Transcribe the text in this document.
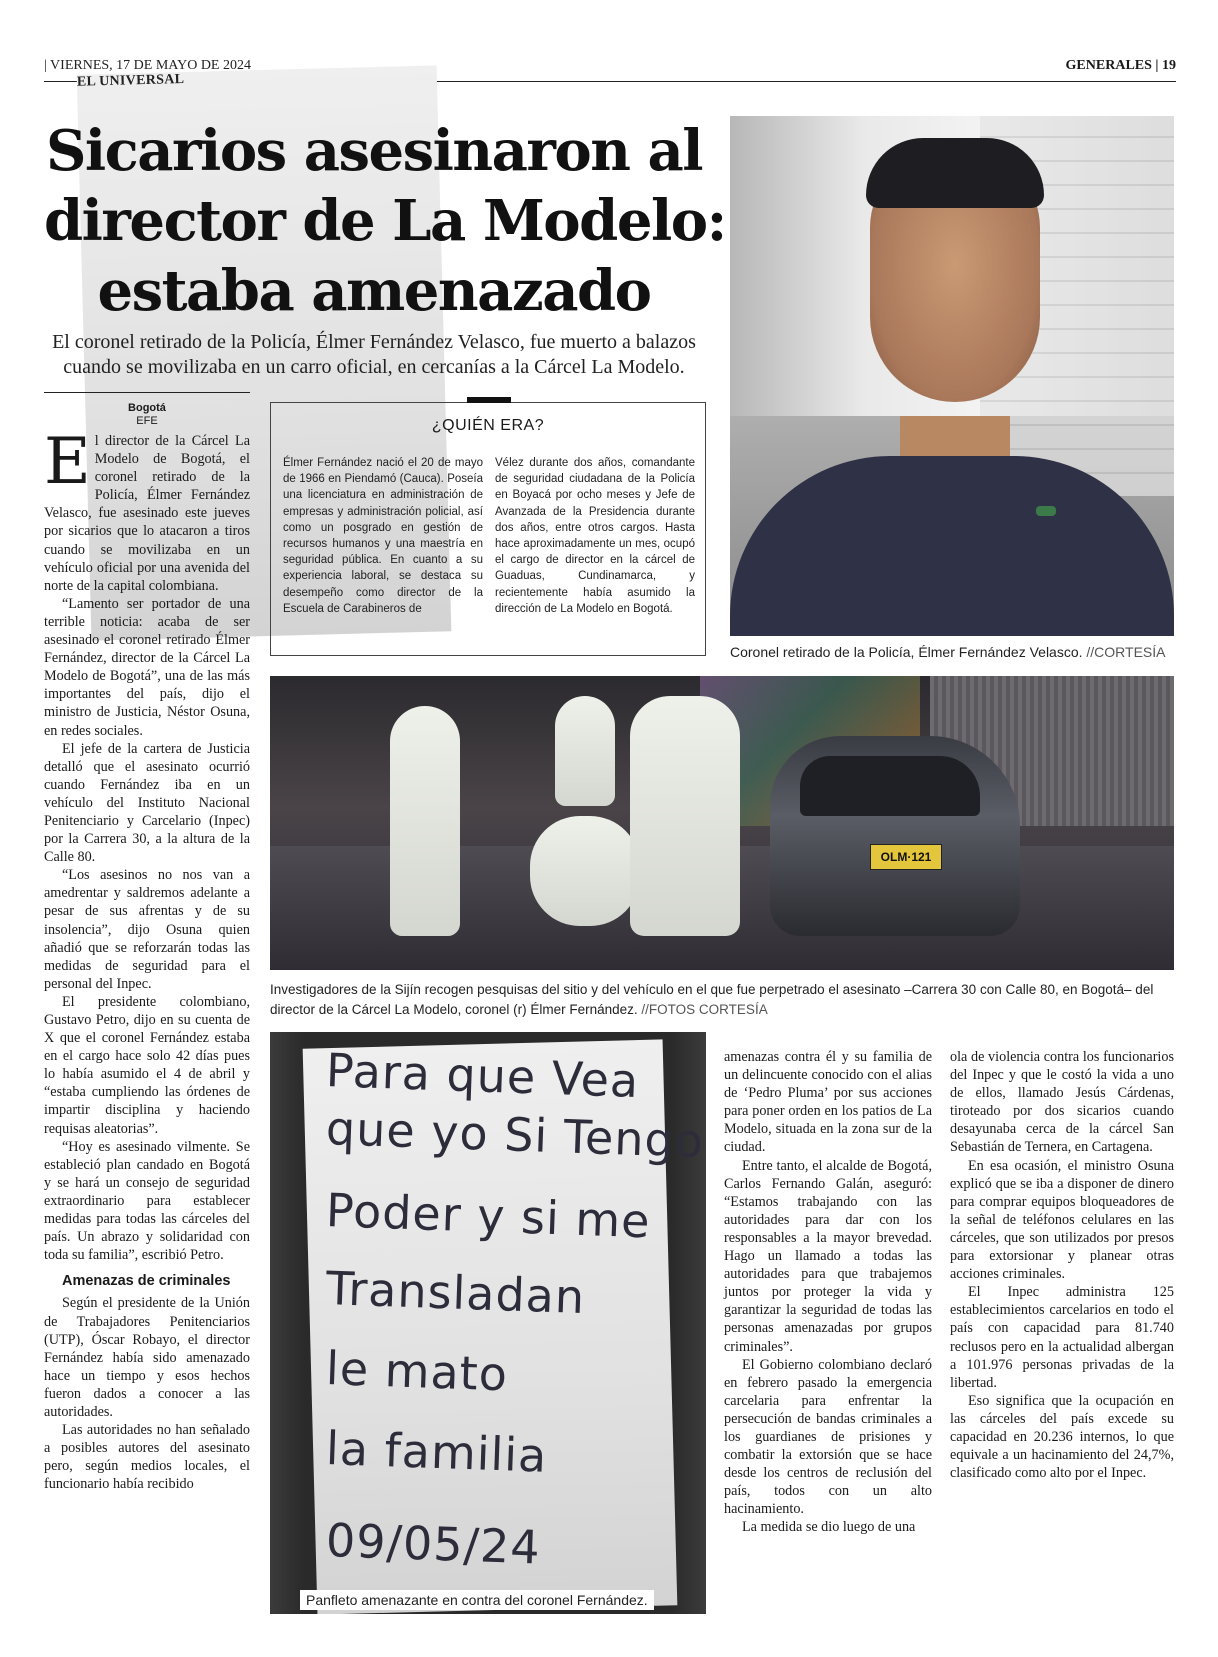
EL UNIVERSAL
| VIERNES, 17 DE MAYO DE 2024	GENERALES | 19
Sicarios asesinaron al
director de La Modelo:
estaba amenazado

El coronel retirado de la Policía, Élmer Fernández Velasco, fue muerto a balazos cuando se movilizaba en un carro oficial, en cercanías a la Cárcel La Modelo.

Coronel retirado de la Policía, Élmer Fernández Velasco. //CORTESÍA
¿QUIÉN ERA?
Élmer Fernández nació el 20 de mayo de 1966 en Piendamó (Cauca). Poseía una licenciatura en administración de empresas y administración policial, así como un posgrado en gestión de recursos humanos y una maestría en seguridad pública. En cuanto a su experiencia laboral, se destaca su desempeño como director de la Escuela de Carabineros de
Vélez durante dos años, comandante de seguridad ciudadana de la Policía en Boyacá por ocho meses y Jefe de Avanzada de la Presidencia durante dos años, entre otros cargos. Hasta hace aproximadamente un mes, ocupó el cargo de director en la cárcel de Guaduas, Cundinamarca, y recientemente había asumido la dirección de La Modelo en Bogotá.
Bogotá
EFE

El director de la Cárcel La Modelo de Bogotá, el coronel retirado de la Policía, Élmer Fernández Velasco, fue asesinado este jueves por sicarios que lo atacaron a tiros cuando se movilizaba en un vehículo oficial por una avenida del norte de la capital colombiana.

“Lamento ser portador de una terrible noticia: acaba de ser asesinado el coronel retirado Élmer Fernández, director de la Cárcel La Modelo de Bogotá”, una de las más importantes del país, dijo el ministro de Justicia, Néstor Osuna, en redes sociales.

El jefe de la cartera de Justicia detalló que el asesinato ocurrió cuando Fernández iba en un vehículo del Instituto Nacional Penitenciario y Carcelario (Inpec) por la Carrera 30, a la altura de la Calle 80.

“Los asesinos no nos van a amedrentar y saldremos adelante a pesar de sus afrentas y de su insolencia”, dijo Osuna quien añadió que se reforzarán todas las medidas de seguridad para el personal del Inpec.

El presidente colombiano, Gustavo Petro, dijo en su cuenta de X que el coronel Fernández estaba en el cargo hace solo 42 días pues lo había asumido el 4 de abril y “estaba cumpliendo las órdenes de impartir disciplina y haciendo requisas aleatorias”.

“Hoy es asesinado vilmente. Se estableció plan candado en Bogotá y se hará un consejo de seguridad extraordinario para establecer medidas para todas las cárceles del país. Un abrazo y solidaridad con toda su familia”, escribió Petro.

Amenazas de criminales

Según el presidente de la Unión de Trabajadores Penitenciarios (UTP), Óscar Robayo, el director Fernández había sido amenazado hace un tiempo y esos hechos fueron dados a conocer a las autoridades.

Las autoridades no han señalado a posibles autores del asesinato pero, según medios locales, el funcionario había recibido

OLM·121
Investigadores de la Sijín recogen pesquisas del sitio y del vehículo en el que fue perpetrado el asesinato –Carrera 30 con Calle 80, en Bogotá– del director de la Cárcel La Modelo, coronel (r) Élmer Fernández. //FOTOS CORTESÍA
Para que Vea
que yo Si Tengo
Poder y si me
Transladan
le mato
la familia
09/05/24
Panfleto amenazante en contra del coronel Fernández.

amenazas contra él y su familia de un delincuente conocido con el alias de ‘Pedro Pluma’ por sus acciones para poner orden en los patios de La Modelo, situada en la zona sur de la ciudad.

Entre tanto, el alcalde de Bogotá, Carlos Fernando Galán, aseguró: “Estamos trabajando con las autoridades para dar con los responsables a la mayor brevedad. Hago un llamado a todas las autoridades para que trabajemos juntos por proteger la vida y garantizar la seguridad de todas las personas amenazadas por grupos criminales”.

El Gobierno colombiano declaró en febrero pasado la emergencia carcelaria para enfrentar la persecución de bandas criminales a los guardianes de prisiones y combatir la extorsión que se hace desde los centros de reclusión del país, todos con un alto hacinamiento.

La medida se dio luego de una

ola de violencia contra los funcionarios del Inpec y que le costó la vida a uno de ellos, llamado Jesús Cárdenas, tiroteado por dos sicarios cuando desayunaba cerca de la cárcel San Sebastián de Ternera, en Cartagena.

En esa ocasión, el ministro Osuna explicó que se iba a disponer de dinero para comprar equipos bloqueadores de la señal de teléfonos celulares en las cárceles, que son utilizados por presos para extorsionar y planear otras acciones criminales.

El Inpec administra 125 establecimientos carcelarios en todo el país con capacidad para 81.740 reclusos pero en la actualidad albergan a 101.976 personas privadas de la libertad.

Eso significa que la ocupación en las cárceles del país excede su capacidad en 20.236 internos, lo que equivale a un hacinamiento del 24,7%, clasificado como alto por el Inpec.
